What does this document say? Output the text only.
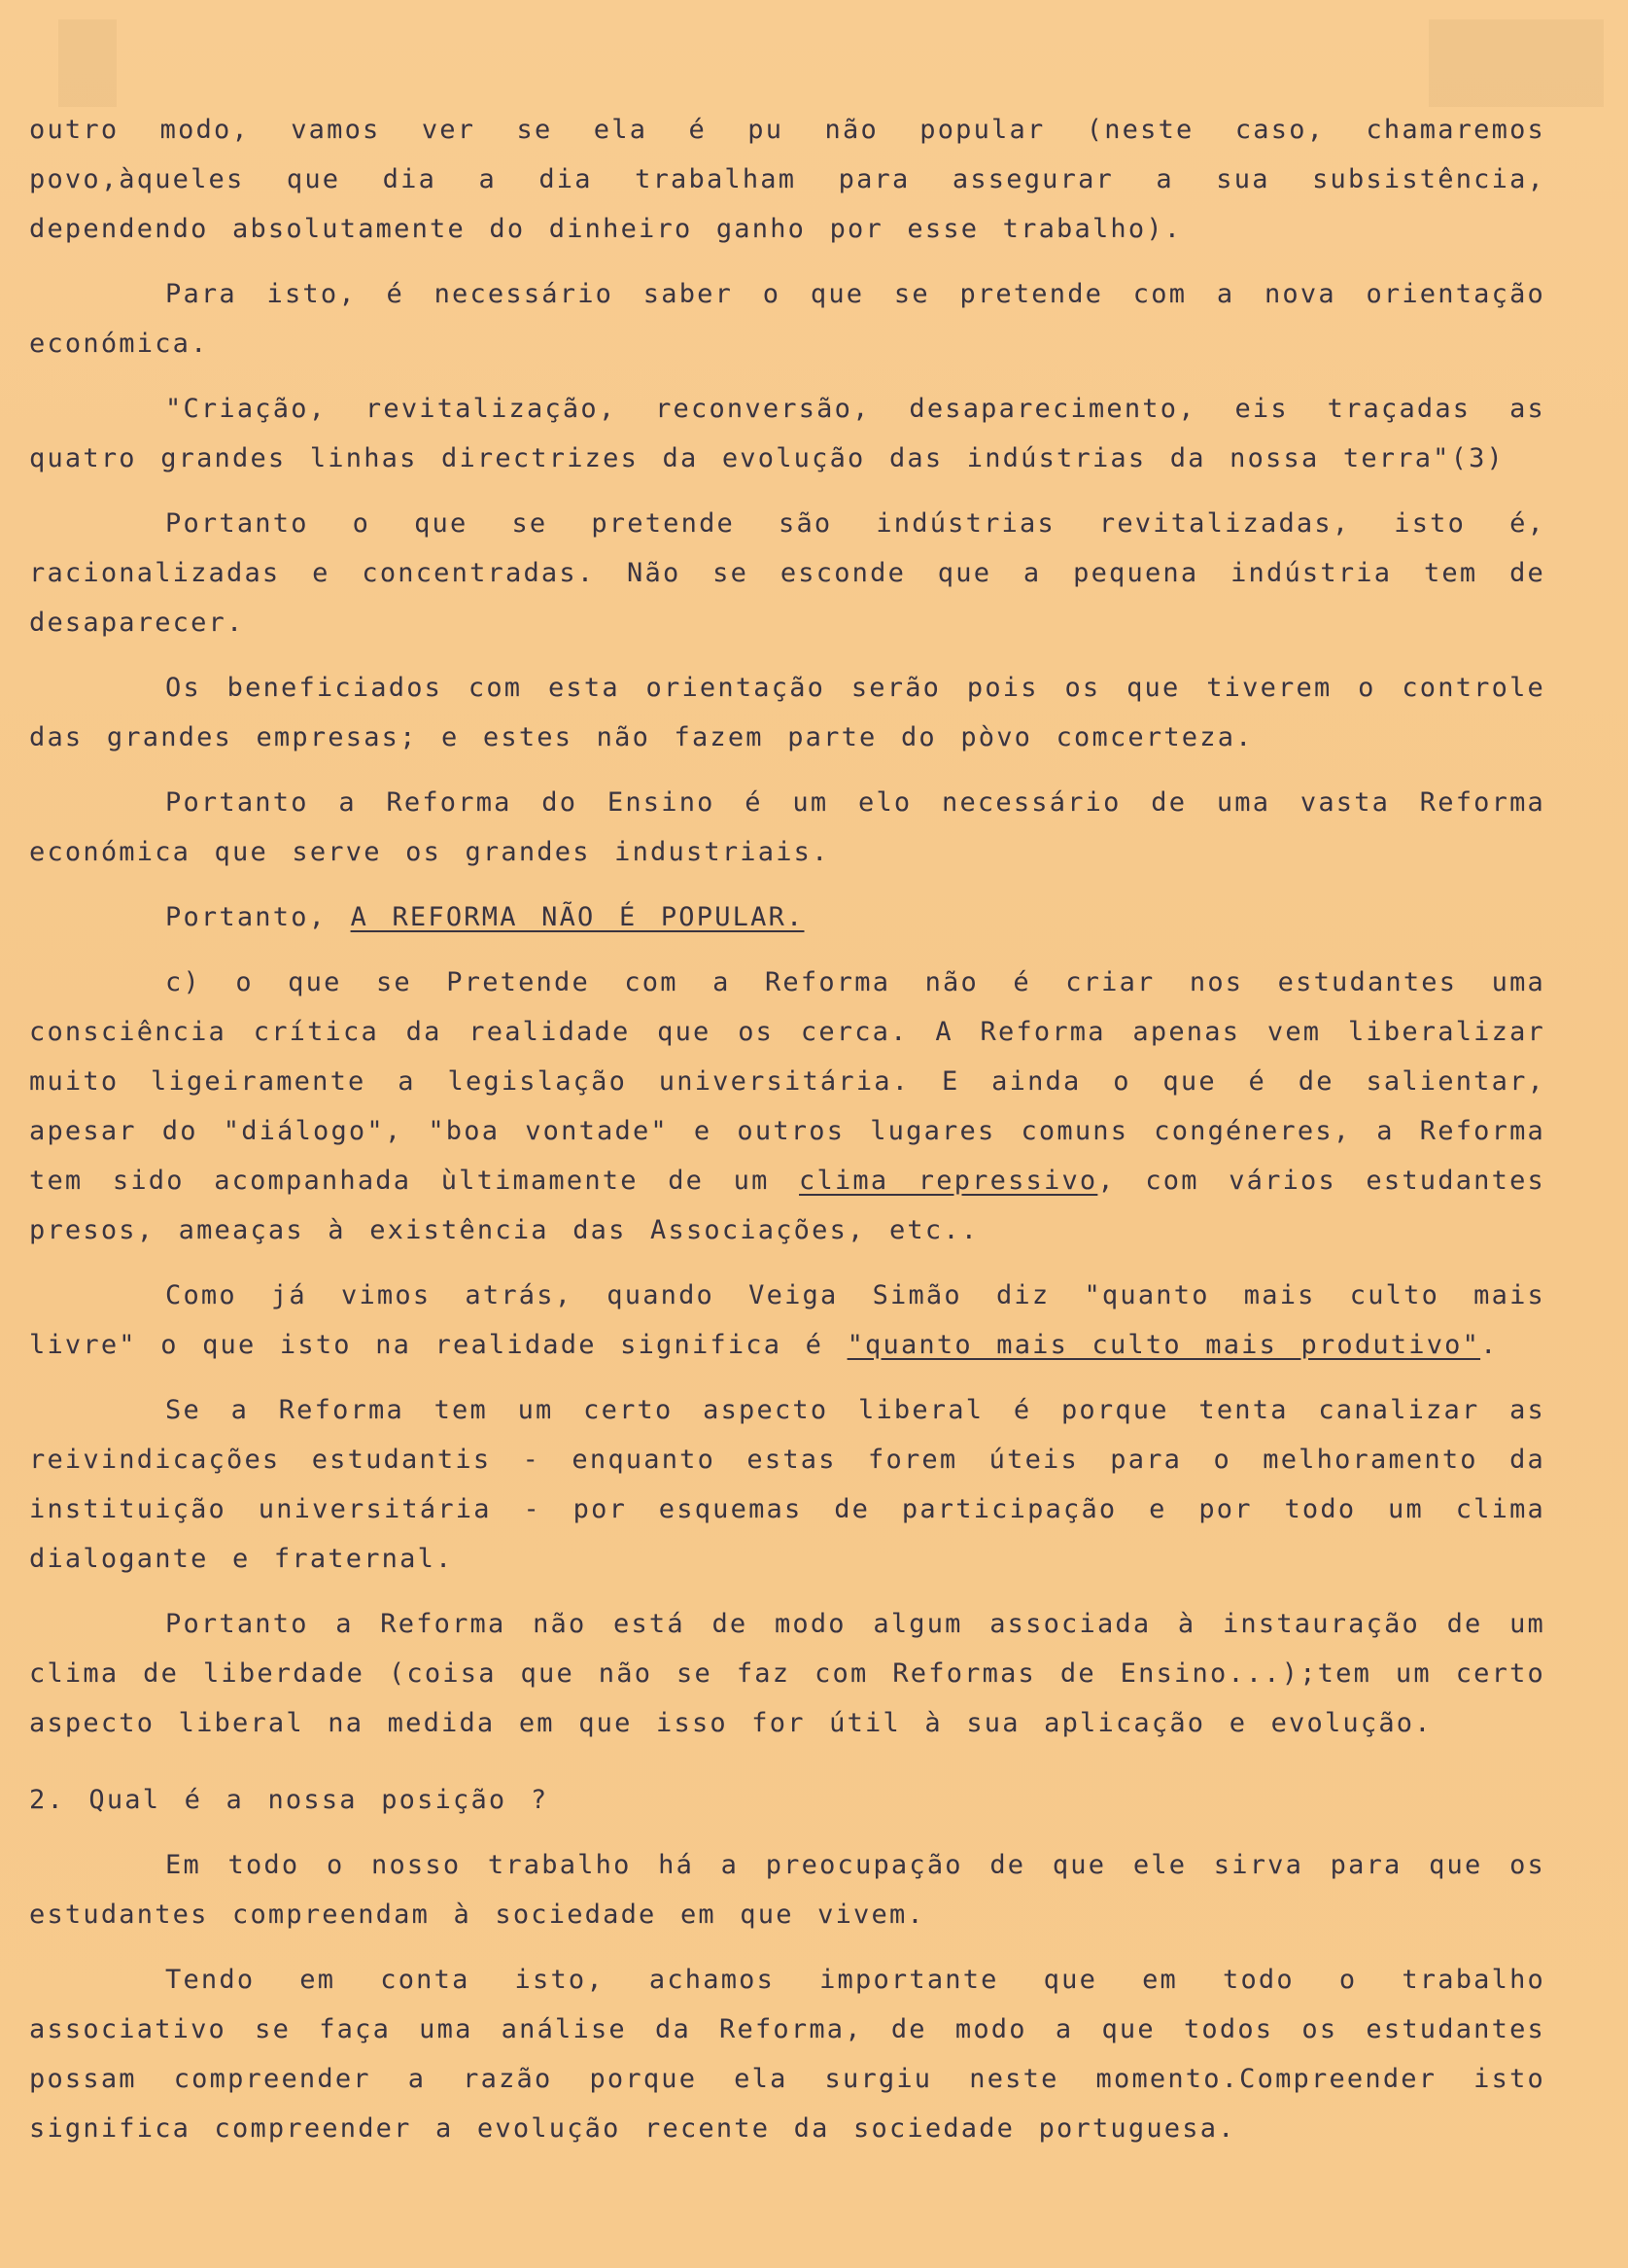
outro modo, vamos ver se ela é pu não popular (neste caso, chamaremos povo,àqueles que dia a dia trabalham para assegurar a sua subsistência, dependendo absolutamente do dinheiro ganho por esse trabalho).

Para isto, é necessário saber o que se pretende com a nova orientação económica.

"Criação, revitalização, reconversão, desaparecimento, eis traçadas as quatro grandes linhas directrizes da evolução das indústrias da nossa terra"(3)

Portanto o que se pretende são indústrias revitalizadas, isto é, racionalizadas e concentradas. Não se esconde que a pequena indústria tem de desaparecer.

Os beneficiados com esta orientação serão pois os que tiverem o controle das grandes empresas; e estes não fazem parte do pòvo comcerteza.

Portanto a Reforma do Ensino é um elo necessário de uma vasta Reforma económica que serve os grandes industriais.

Portanto, A REFORMA NÃO É POPULAR.

c) o que se Pretende com a Reforma não é criar nos estudantes uma consciência crítica da realidade que os cerca. A Reforma apenas vem liberalizar muito ligeiramente a legislação universitária. E ainda o que é de salientar, apesar do "diálogo", "boa vontade" e outros lugares comuns congéneres, a Reforma tem sido acompanhada ùltimamente de um clima repressivo, com vários estudantes presos, ameaças à existência das Associações, etc..

Como já vimos atrás, quando Veiga Simão diz "quanto mais culto mais livre" o que isto na realidade significa é "quanto mais culto mais produtivo".

Se a Reforma tem um certo aspecto liberal é porque tenta canalizar as reivindicações estudantis - enquanto estas forem úteis para o melhoramento da instituição universitária - por esquemas de participação e por todo um clima dialogante e fraternal.

Portanto a Reforma não está de modo algum associada à instauração de um clima de liberdade (coisa que não se faz com Reformas de Ensino...);tem um certo aspecto liberal na medida em que isso for útil à sua aplicação e evolução.

2. Qual é a nossa posição ?

Em todo o nosso trabalho há a preocupação de que ele sirva para que os estudantes compreendam à sociedade em que vivem.

Tendo em conta isto, achamos importante que em todo o trabalho associativo se faça uma análise da Reforma, de modo a que todos os estudantes possam compreender a razão porque ela surgiu neste momento.Compreender isto significa compreender a evolução recente da sociedade portuguesa.
